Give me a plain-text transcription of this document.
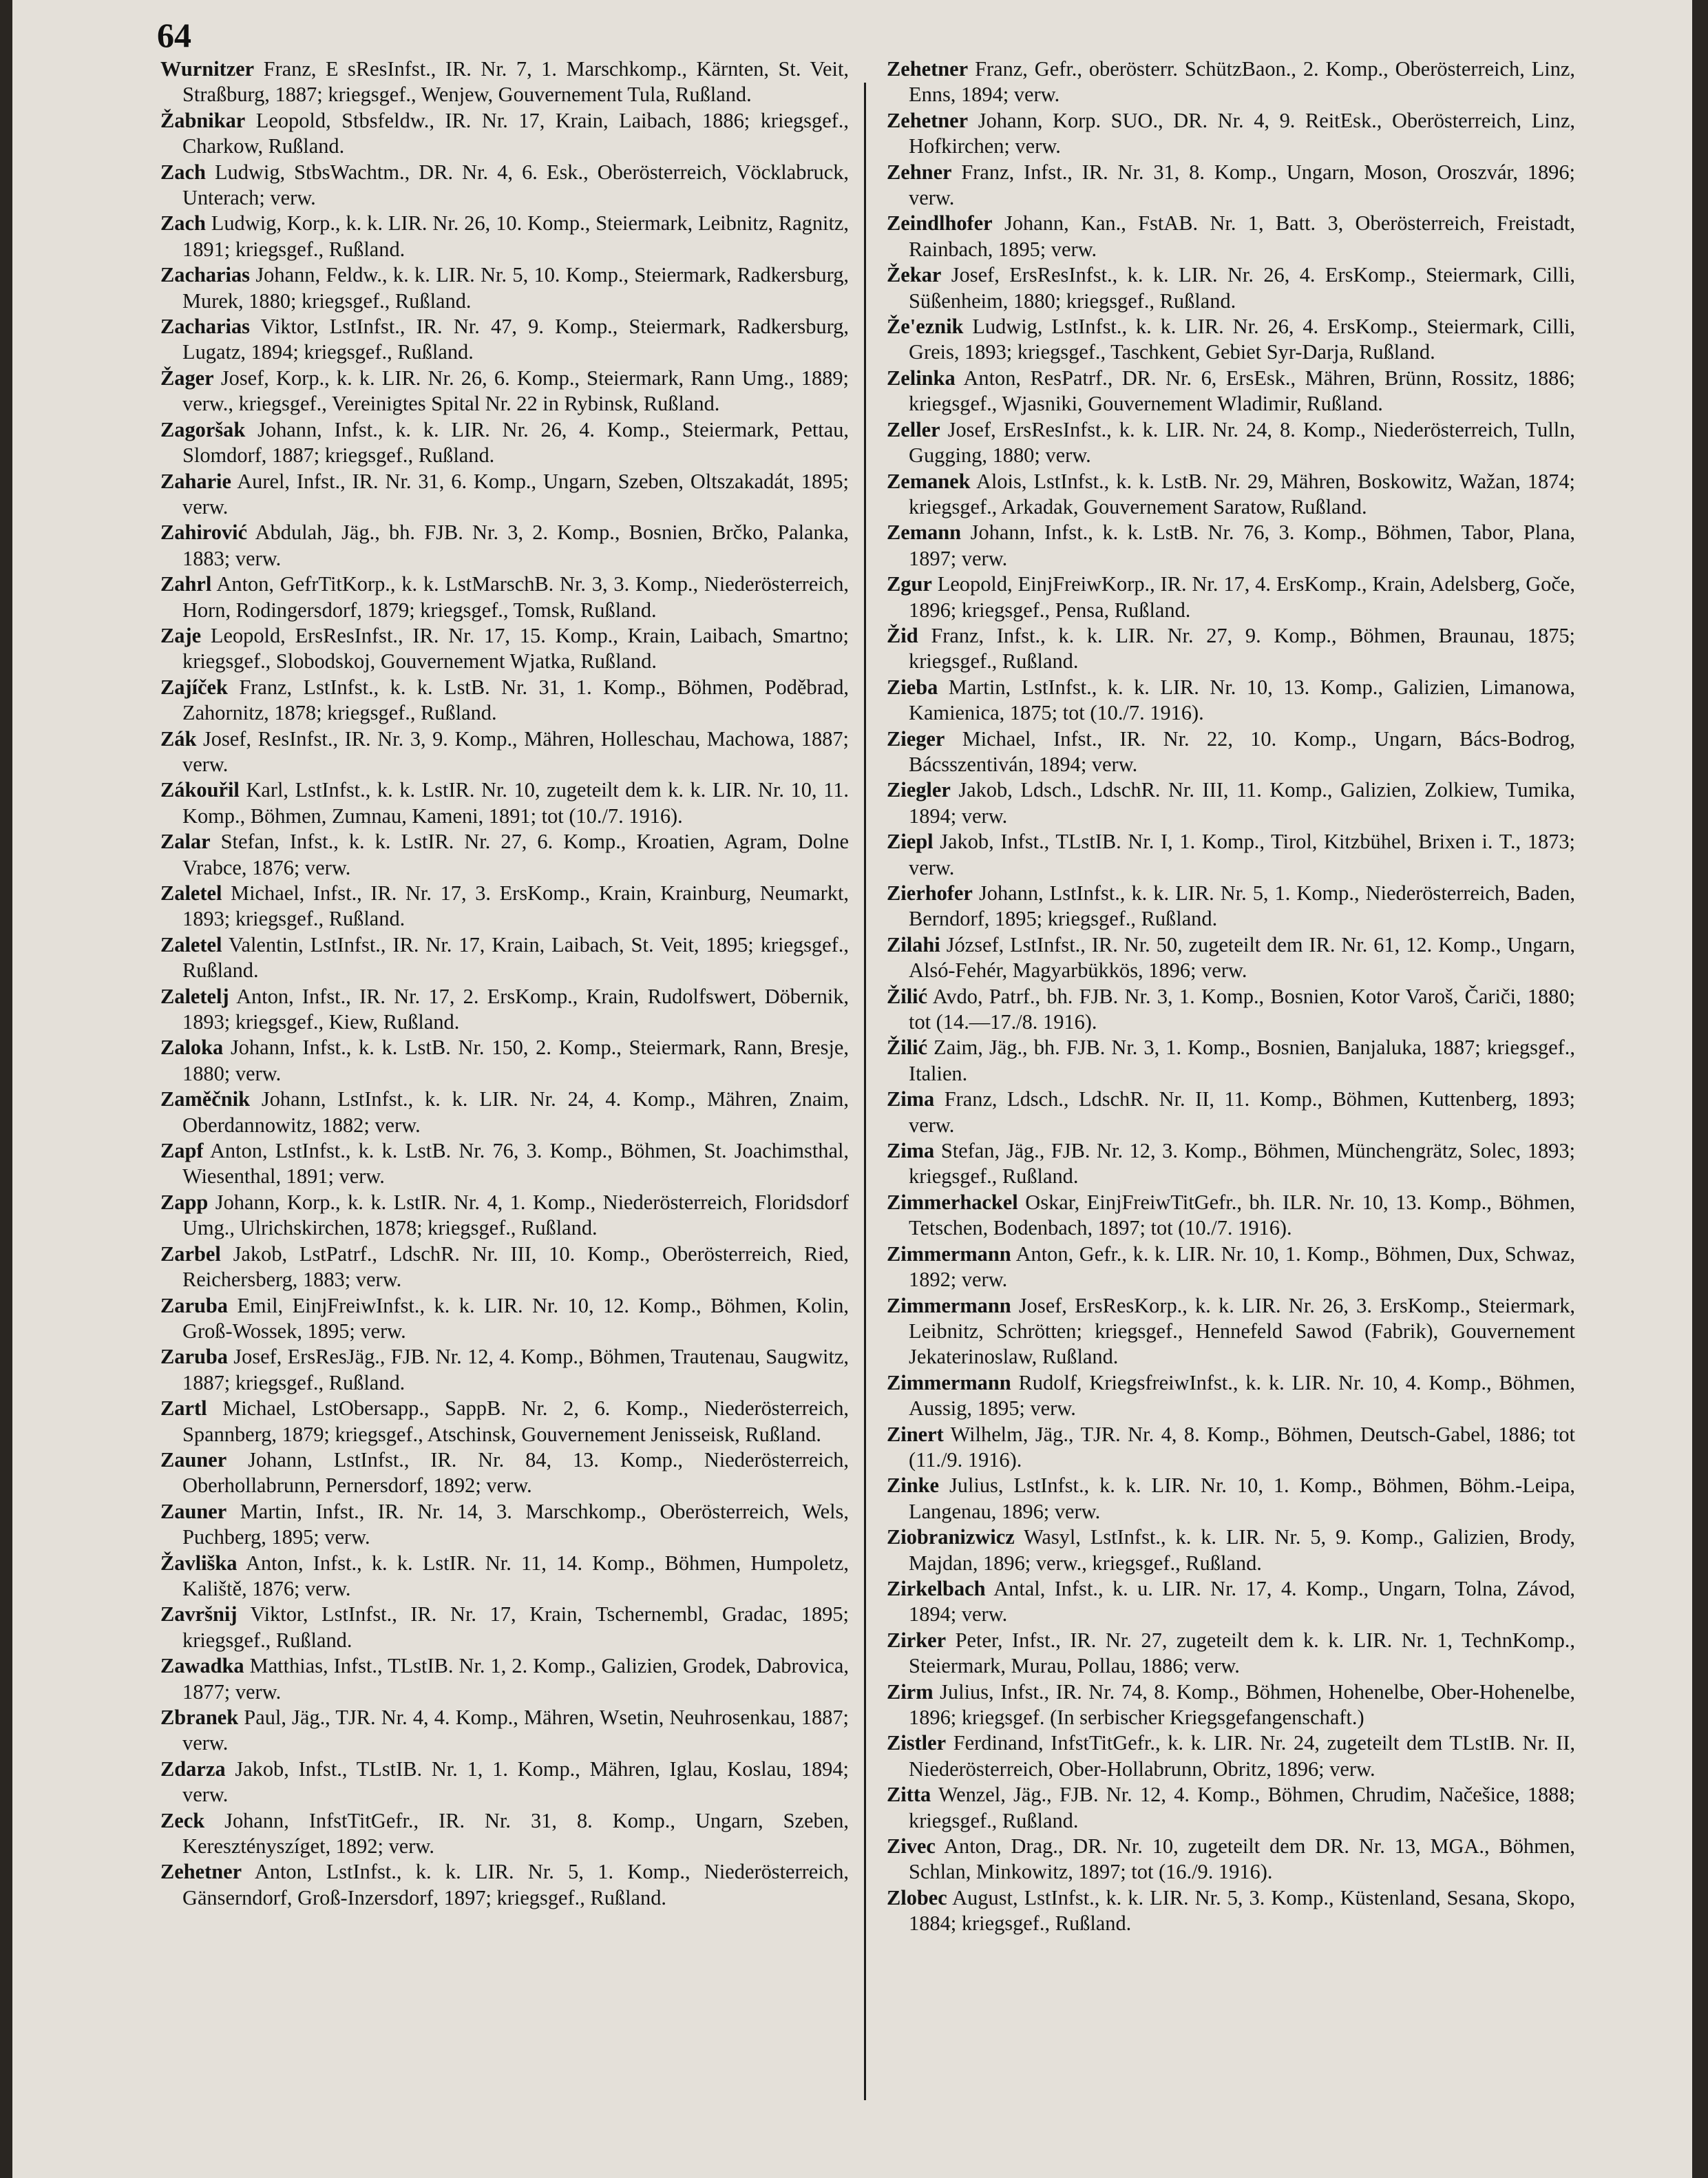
64

Wurnitzer Franz, E sResInfst., IR. Nr. 7, 1. Marschkomp., Kärnten, St. Veit, Straßburg, 1887; kriegsgef., Wenjew, Gouvernement Tula, Rußland.

Žabnikar Leopold, Stbsfeldw., IR. Nr. 17, Krain, Laibach, 1886; kriegsgef., Charkow, Rußland.

Zach Ludwig, StbsWachtm., DR. Nr. 4, 6. Esk., Oberösterreich, Vöcklabruck, Unterach; verw.

Zach Ludwig, Korp., k. k. LIR. Nr. 26, 10. Komp., Steiermark, Leibnitz, Ragnitz, 1891; kriegsgef., Rußland.

Zacharias Johann, Feldw., k. k. LIR. Nr. 5, 10. Komp., Steiermark, Radkersburg, Murek, 1880; kriegsgef., Rußland.

Zacharias Viktor, LstInfst., IR. Nr. 47, 9. Komp., Steiermark, Radkersburg, Lugatz, 1894; kriegsgef., Rußland.

Žager Josef, Korp., k. k. LIR. Nr. 26, 6. Komp., Steiermark, Rann Umg., 1889; verw., kriegsgef., Vereinigtes Spital Nr. 22 in Rybinsk, Rußland.

Zagoršak Johann, Infst., k. k. LIR. Nr. 26, 4. Komp., Steiermark, Pettau, Slomdorf, 1887; kriegsgef., Rußland.

Zaharie Aurel, Infst., IR. Nr. 31, 6. Komp., Ungarn, Szeben, Oltszakadát, 1895; verw.

Zahirović Abdulah, Jäg., bh. FJB. Nr. 3, 2. Komp., Bosnien, Brčko, Palanka, 1883; verw.

Zahrl Anton, GefrTitKorp., k. k. LstMarschB. Nr. 3, 3. Komp., Niederösterreich, Horn, Rodingersdorf, 1879; kriegsgef., Tomsk, Rußland.

Zaje Leopold, ErsResInfst., IR. Nr. 17, 15. Komp., Krain, Laibach, Smartno; kriegsgef., Slobodskoj, Gouvernement Wjatka, Rußland.

Zajíček Franz, LstInfst., k. k. LstB. Nr. 31, 1. Komp., Böhmen, Poděbrad, Zahornitz, 1878; kriegsgef., Rußland.

Zák Josef, ResInfst., IR. Nr. 3, 9. Komp., Mähren, Holleschau, Machowa, 1887; verw.

Zákouřil Karl, LstInfst., k. k. LstIR. Nr. 10, zugeteilt dem k. k. LIR. Nr. 10, 11. Komp., Böhmen, Zumnau, Kameni, 1891; tot (10./7. 1916).

Zalar Stefan, Infst., k. k. LstIR. Nr. 27, 6. Komp., Kroatien, Agram, Dolne Vrabce, 1876; verw.

Zaletel Michael, Infst., IR. Nr. 17, 3. ErsKomp., Krain, Krainburg, Neumarkt, 1893; kriegsgef., Rußland.

Zaletel Valentin, LstInfst., IR. Nr. 17, Krain, Laibach, St. Veit, 1895; kriegsgef., Rußland.

Zaletelj Anton, Infst., IR. Nr. 17, 2. ErsKomp., Krain, Rudolfswert, Döbernik, 1893; kriegsgef., Kiew, Rußland.

Zaloka Johann, Infst., k. k. LstB. Nr. 150, 2. Komp., Steiermark, Rann, Bresje, 1880; verw.

Zaměčnik Johann, LstInfst., k. k. LIR. Nr. 24, 4. Komp., Mähren, Znaim, Oberdannowitz, 1882; verw.

Zapf Anton, LstInfst., k. k. LstB. Nr. 76, 3. Komp., Böhmen, St. Joachimsthal, Wiesenthal, 1891; verw.

Zapp Johann, Korp., k. k. LstIR. Nr. 4, 1. Komp., Niederösterreich, Floridsdorf Umg., Ulrichskirchen, 1878; kriegsgef., Rußland.

Zarbel Jakob, LstPatrf., LdschR. Nr. III, 10. Komp., Oberösterreich, Ried, Reichersberg, 1883; verw.

Zaruba Emil, EinjFreiwInfst., k. k. LIR. Nr. 10, 12. Komp., Böhmen, Kolin, Groß-Wossek, 1895; verw.

Zaruba Josef, ErsResJäg., FJB. Nr. 12, 4. Komp., Böhmen, Trautenau, Saugwitz, 1887; kriegsgef., Rußland.

Zartl Michael, LstObersapp., SappB. Nr. 2, 6. Komp., Niederösterreich, Spannberg, 1879; kriegsgef., Atschinsk, Gouvernement Jenisseisk, Rußland.

Zauner Johann, LstInfst., IR. Nr. 84, 13. Komp., Niederösterreich, Oberhollabrunn, Pernersdorf, 1892; verw.

Zauner Martin, Infst., IR. Nr. 14, 3. Marschkomp., Oberösterreich, Wels, Puchberg, 1895; verw.

Žavliška Anton, Infst., k. k. LstIR. Nr. 11, 14. Komp., Böhmen, Humpoletz, Kaliště, 1876; verw.

Završnij Viktor, LstInfst., IR. Nr. 17, Krain, Tschernembl, Gradac, 1895; kriegsgef., Rußland.

Zawadka Matthias, Infst., TLstIB. Nr. 1, 2. Komp., Galizien, Grodek, Dabrovica, 1877; verw.

Zbranek Paul, Jäg., TJR. Nr. 4, 4. Komp., Mähren, Wsetin, Neuhrosenkau, 1887; verw.

Zdarza Jakob, Infst., TLstIB. Nr. 1, 1. Komp., Mähren, Iglau, Koslau, 1894; verw.

Zeck Johann, InfstTitGefr., IR. Nr. 31, 8. Komp., Ungarn, Szeben, Keresztényszíget, 1892; verw.

Zehetner Anton, LstInfst., k. k. LIR. Nr. 5, 1. Komp., Niederösterreich, Gänserndorf, Groß-Inzersdorf, 1897; kriegsgef., Rußland.

Zehetner Franz, Gefr., oberösterr. SchützBaon., 2. Komp., Oberösterreich, Linz, Enns, 1894; verw.

Zehetner Johann, Korp. SUO., DR. Nr. 4, 9. ReitEsk., Oberösterreich, Linz, Hofkirchen; verw.

Zehner Franz, Infst., IR. Nr. 31, 8. Komp., Ungarn, Moson, Oroszvár, 1896; verw.

Zeindlhofer Johann, Kan., FstAB. Nr. 1, Batt. 3, Oberösterreich, Freistadt, Rainbach, 1895; verw.

Žekar Josef, ErsResInfst., k. k. LIR. Nr. 26, 4. ErsKomp., Steiermark, Cilli, Süßenheim, 1880; kriegsgef., Rußland.

Že'eznik Ludwig, LstInfst., k. k. LIR. Nr. 26, 4. ErsKomp., Steiermark, Cilli, Greis, 1893; kriegsgef., Taschkent, Gebiet Syr-Darja, Rußland.

Zelinka Anton, ResPatrf., DR. Nr. 6, ErsEsk., Mähren, Brünn, Rossitz, 1886; kriegsgef., Wjasniki, Gouvernement Wladimir, Rußland.

Zeller Josef, ErsResInfst., k. k. LIR. Nr. 24, 8. Komp., Niederösterreich, Tulln, Gugging, 1880; verw.

Zemanek Alois, LstInfst., k. k. LstB. Nr. 29, Mähren, Boskowitz, Wažan, 1874; kriegsgef., Arkadak, Gouvernement Saratow, Rußland.

Zemann Johann, Infst., k. k. LstB. Nr. 76, 3. Komp., Böhmen, Tabor, Plana, 1897; verw.

Zgur Leopold, EinjFreiwKorp., IR. Nr. 17, 4. ErsKomp., Krain, Adelsberg, Goče, 1896; kriegsgef., Pensa, Rußland.

Žid Franz, Infst., k. k. LIR. Nr. 27, 9. Komp., Böhmen, Braunau, 1875; kriegsgef., Rußland.

Zieba Martin, LstInfst., k. k. LIR. Nr. 10, 13. Komp., Galizien, Limanowa, Kamienica, 1875; tot (10./7. 1916).

Zieger Michael, Infst., IR. Nr. 22, 10. Komp., Ungarn, Bács-Bodrog, Bácsszentiván, 1894; verw.

Ziegler Jakob, Ldsch., LdschR. Nr. III, 11. Komp., Galizien, Zolkiew, Tumika, 1894; verw.

Ziepl Jakob, Infst., TLstIB. Nr. I, 1. Komp., Tirol, Kitzbühel, Brixen i. T., 1873; verw.

Zierhofer Johann, LstInfst., k. k. LIR. Nr. 5, 1. Komp., Niederösterreich, Baden, Berndorf, 1895; kriegsgef., Rußland.

Zilahi József, LstInfst., IR. Nr. 50, zugeteilt dem IR. Nr. 61, 12. Komp., Ungarn, Alsó-Fehér, Magyarbükkös, 1896; verw.

Žilić Avdo, Patrf., bh. FJB. Nr. 3, 1. Komp., Bosnien, Kotor Varoš, Čariči, 1880; tot (14.—17./8. 1916).

Žilić Zaim, Jäg., bh. FJB. Nr. 3, 1. Komp., Bosnien, Banjaluka, 1887; kriegsgef., Italien.

Zima Franz, Ldsch., LdschR. Nr. II, 11. Komp., Böhmen, Kuttenberg, 1893; verw.

Zima Stefan, Jäg., FJB. Nr. 12, 3. Komp., Böhmen, Münchengrätz, Solec, 1893; kriegsgef., Rußland.

Zimmerhackel Oskar, EinjFreiwTitGefr., bh. ILR. Nr. 10, 13. Komp., Böhmen, Tetschen, Bodenbach, 1897; tot (10./7. 1916).

Zimmermann Anton, Gefr., k. k. LIR. Nr. 10, 1. Komp., Böhmen, Dux, Schwaz, 1892; verw.

Zimmermann Josef, ErsResKorp., k. k. LIR. Nr. 26, 3. ErsKomp., Steiermark, Leibnitz, Schrötten; kriegsgef., Hennefeld Sawod (Fabrik), Gouvernement Jekaterinoslaw, Rußland.

Zimmermann Rudolf, KriegsfreiwInfst., k. k. LIR. Nr. 10, 4. Komp., Böhmen, Aussig, 1895; verw.

Zinert Wilhelm, Jäg., TJR. Nr. 4, 8. Komp., Böhmen, Deutsch-Gabel, 1886; tot (11./9. 1916).

Zinke Julius, LstInfst., k. k. LIR. Nr. 10, 1. Komp., Böhmen, Böhm.-Leipa, Langenau, 1896; verw.

Ziobranizwicz Wasyl, LstInfst., k. k. LIR. Nr. 5, 9. Komp., Galizien, Brody, Majdan, 1896; verw., kriegsgef., Rußland.

Zirkelbach Antal, Infst., k. u. LIR. Nr. 17, 4. Komp., Ungarn, Tolna, Závod, 1894; verw.

Zirker Peter, Infst., IR. Nr. 27, zugeteilt dem k. k. LIR. Nr. 1, TechnKomp., Steiermark, Murau, Pollau, 1886; verw.

Zirm Julius, Infst., IR. Nr. 74, 8. Komp., Böhmen, Hohenelbe, Ober-Hohenelbe, 1896; kriegsgef. (In serbischer Kriegsgefangenschaft.)

Zistler Ferdinand, InfstTitGefr., k. k. LIR. Nr. 24, zugeteilt dem TLstIB. Nr. II, Niederösterreich, Ober-Hollabrunn, Obritz, 1896; verw.

Zitta Wenzel, Jäg., FJB. Nr. 12, 4. Komp., Böhmen, Chrudim, Načešice, 1888; kriegsgef., Rußland.

Zivec Anton, Drag., DR. Nr. 10, zugeteilt dem DR. Nr. 13, MGA., Böhmen, Schlan, Minkowitz, 1897; tot (16./9. 1916).

Zlobec August, LstInfst., k. k. LIR. Nr. 5, 3. Komp., Küstenland, Sesana, Skopo, 1884; kriegsgef., Rußland.
